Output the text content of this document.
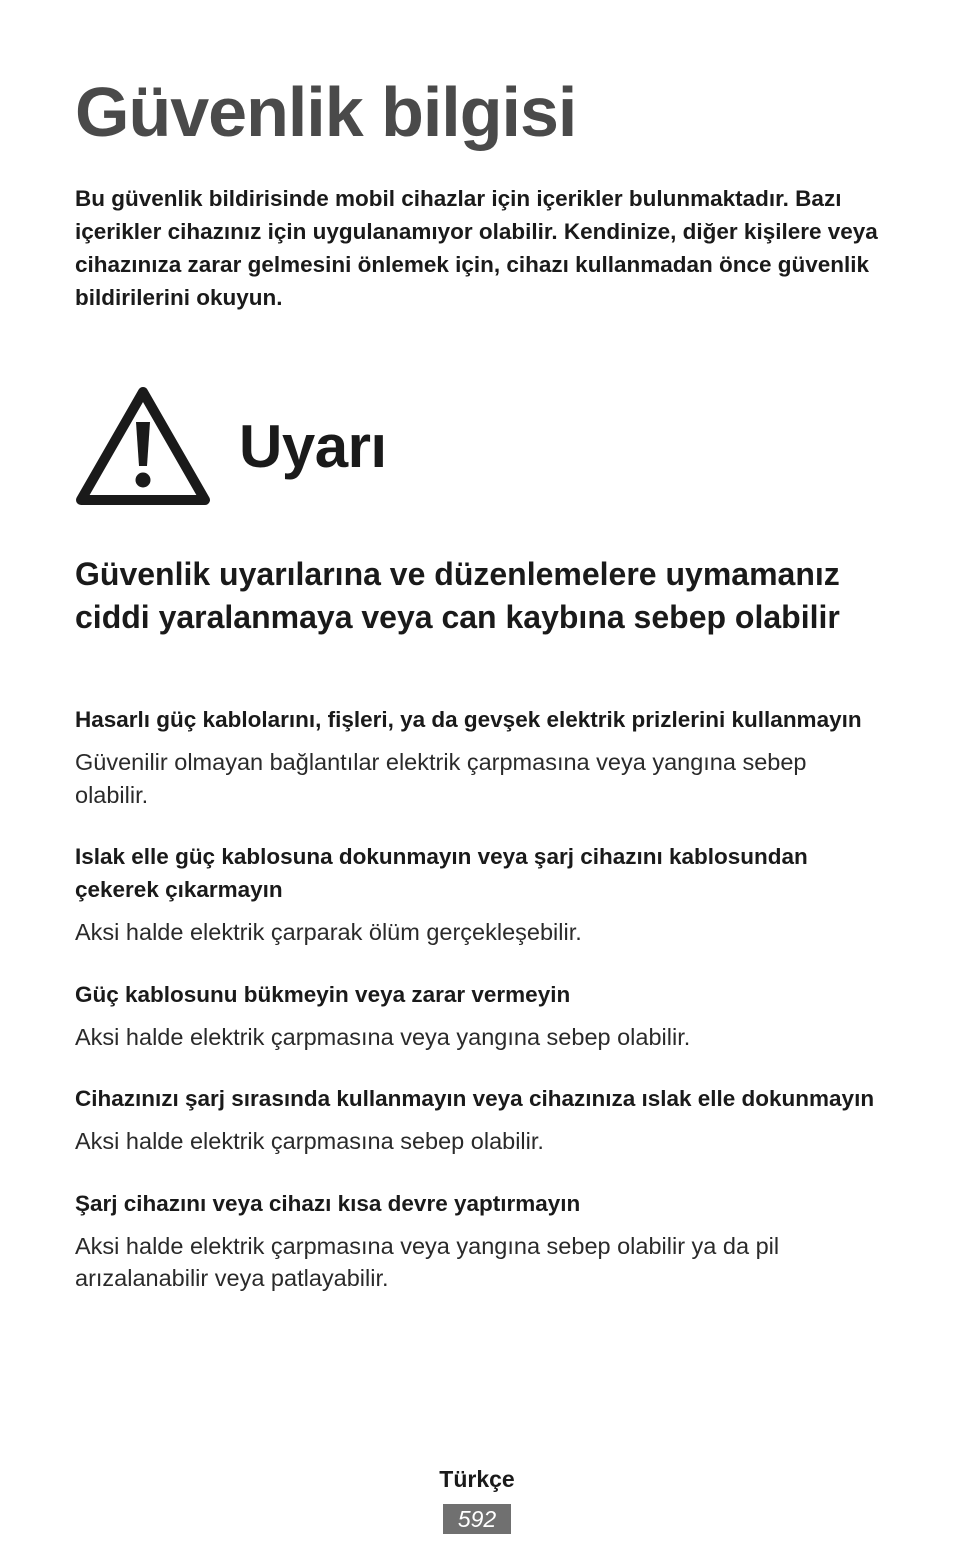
Güvenlik bilgisi

Bu güvenlik bildirisinde mobil cihazlar için içerikler bulunmaktadır. Bazı içerikler cihazınız için uygulanamıyor olabilir. Kendinize, diğer kişilere veya cihazınıza zarar gelmesini önlemek için, cihazı kullanmadan önce güvenlik bildirilerini okuyun.

Uyarı
Güvenlik uyarılarına ve düzenlemelere uymamanız ciddi yaralanmaya veya can kaybına sebep olabilir

Hasarlı güç kablolarını, fişleri, ya da gevşek elektrik prizlerini kullanmayın

Güvenilir olmayan bağlantılar elektrik çarpmasına veya yangına sebep olabilir.

Islak elle güç kablosuna dokunmayın veya şarj cihazını kablosundan çekerek çıkarmayın

Aksi halde elektrik çarparak ölüm gerçekleşebilir.

Güç kablosunu bükmeyin veya zarar vermeyin

Aksi halde elektrik çarpmasına veya yangına sebep olabilir.

Cihazınızı şarj sırasında kullanmayın veya cihazınıza ıslak elle dokunmayın

Aksi halde elektrik çarpmasına sebep olabilir.

Şarj cihazını veya cihazı kısa devre yaptırmayın

Aksi halde elektrik çarpmasına veya yangına sebep olabilir ya da pil arızalanabilir veya patlayabilir.

Türkçe
592
